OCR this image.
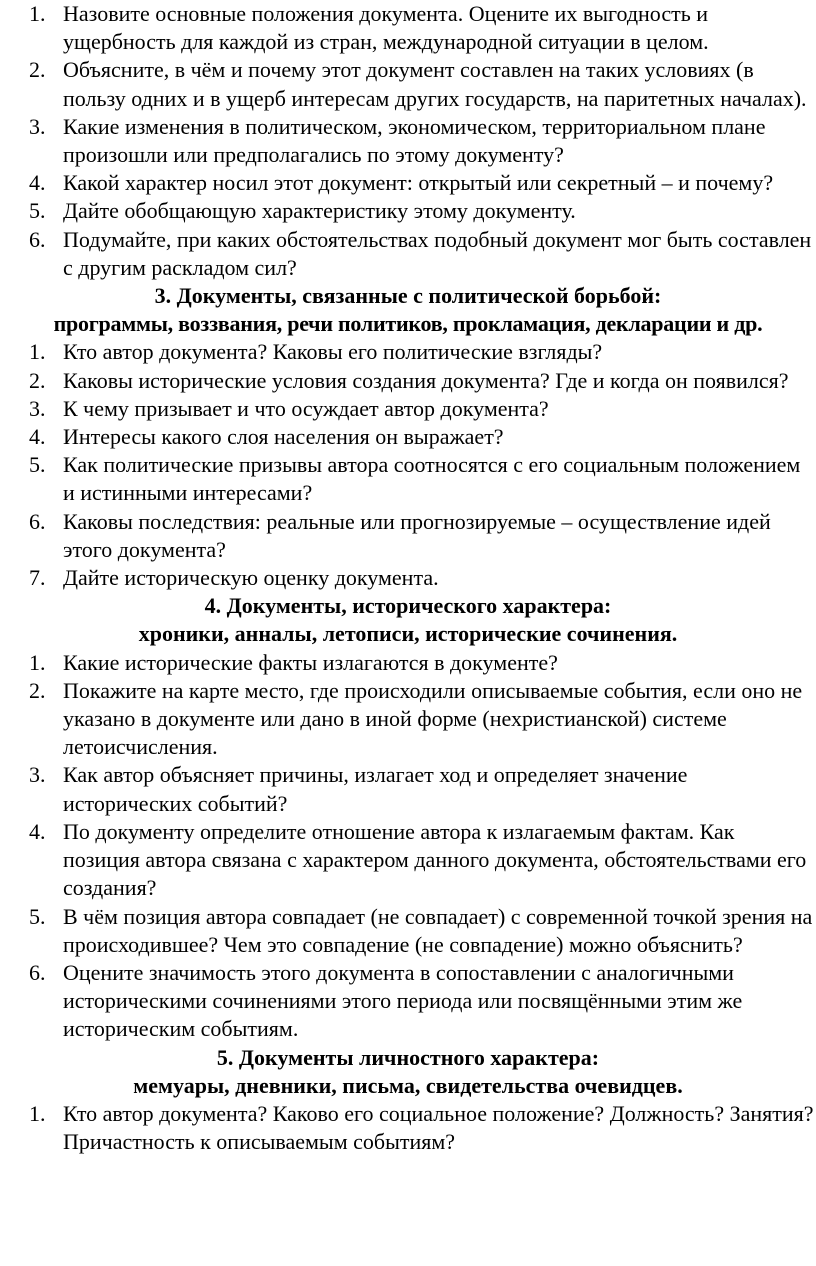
1. Назовите основные положения документа. Оцените их выгодность и ущербность для каждой из стран, международной ситуации в целом.
2. Объясните, в чём и почему этот документ составлен на таких условиях (в пользу одних и в ущерб интересам других государств, на паритетных началах).
3. Какие изменения в политическом, экономическом, территориальном плане произошли или предполагались по этому документу?
4. Какой характер носил этот документ: открытый или секретный – и почему?
5. Дайте обобщающую характеристику этому документу.
6. Подумайте, при каких обстоятельствах подобный документ мог быть составлен с другим раскладом сил?
3. Документы, связанные с политической борьбой:
программы, воззвания, речи политиков, прокламация, декларации и др.
1. Кто автор документа? Каковы его политические взгляды?
2. Каковы исторические условия создания документа? Где и когда он появился?
3. К чему призывает и что осуждает автор документа?
4. Интересы какого слоя населения он выражает?
5. Как политические призывы автора соотносятся с его социальным положением и истинными интересами?
6. Каковы последствия: реальные или прогнозируемые – осуществление идей этого документа?
7. Дайте историческую оценку документа.
4. Документы, исторического характера:
хроники, анналы, летописи, исторические сочинения.
1. Какие исторические факты излагаются в документе?
2. Покажите на карте место, где происходили описываемые события, если оно не указано в документе или дано в иной форме (нехристианской) системе летоисчисления.
3. Как автор объясняет причины, излагает ход и определяет значение исторических событий?
4. По документу определите отношение автора к излагаемым фактам. Как позиция автора связана с характером данного документа, обстоятельствами его создания?
5. В чём позиция автора совпадает (не совпадает) с современной точкой зрения на происходившее? Чем это совпадение (не совпадение) можно объяснить?
6. Оцените значимость этого документа в сопоставлении с аналогичными историческими сочинениями этого периода или посвящёнными этим же историческим событиям.
5. Документы личностного характера:
мемуары, дневники, письма, свидетельства очевидцев.
1. Кто автор документа? Каково его социальное положение? Должность? Занятия? Причастность к описываемым событиям?
